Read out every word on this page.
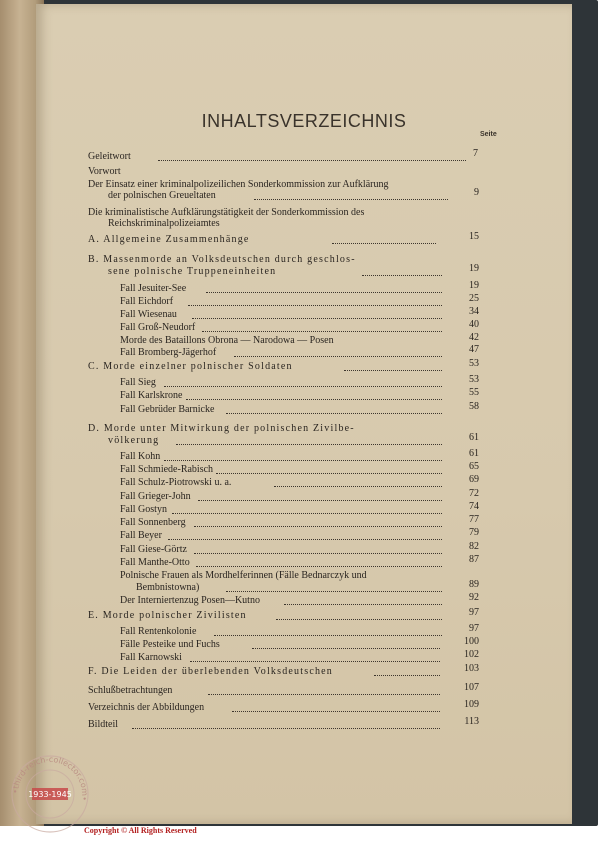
INHALTSVERZEICHNIS
Seite
Geleitwort	7
Vorwort
Der Einsatz einer kriminalpolizeilichen Sonderkommission zur Aufklärung
der polnischen Greueltaten	9
Die kriminalistische Aufklärungstätigkeit der Sonderkommission des
Reichskriminalpolizeiamtes
A. Allgemeine Zusammenhänge	15
B. Massenmorde an Volksdeutschen durch geschlos-
sene polnische Truppeneinheiten	19
Fall Jesuiter-See	19
Fall Eichdorf	25
Fall Wiesenau	34
Fall Groß-Neudorf	40
Morde des Bataillons Obrona — Narodowa — Posen	42
Fall Bromberg-Jägerhof	47
C. Morde einzelner polnischer Soldaten	53
Fall Sieg	53
Fall Karlskrone	55
Fall Gebrüder Barnicke	58
D. Morde unter Mitwirkung der polnischen Zivilbe-
völkerung	61
Fall Kohn	61
Fall Schmiede-Rabisch	65
Fall Schulz-Piotrowski u. a.	69
Fall Grieger-John	72
Fall Gostyn	74
Fall Sonnenberg	77
Fall Beyer	79
Fall Giese-Görtz	82
Fall Manthe-Otto	87
Polnische Frauen als Mordhelferinnen (Fälle Bednarczyk und
Bembnistowna)	89
Der Interniertenzug Posen—Kutno	92
E. Morde polnischer Zivilisten	97
Fall Rentenkolonie	97
Fälle Pesteike und Fuchs	100
Fall Karnowski	102
F. Die Leiden der überlebenden Volksdeutschen	103
Schlußbetrachtungen	107
Verzeichnis der Abbildungen	109
Bildteil	113
•third-reich-collector.com•
1933-1945
Copyright © All Rights Reserved
